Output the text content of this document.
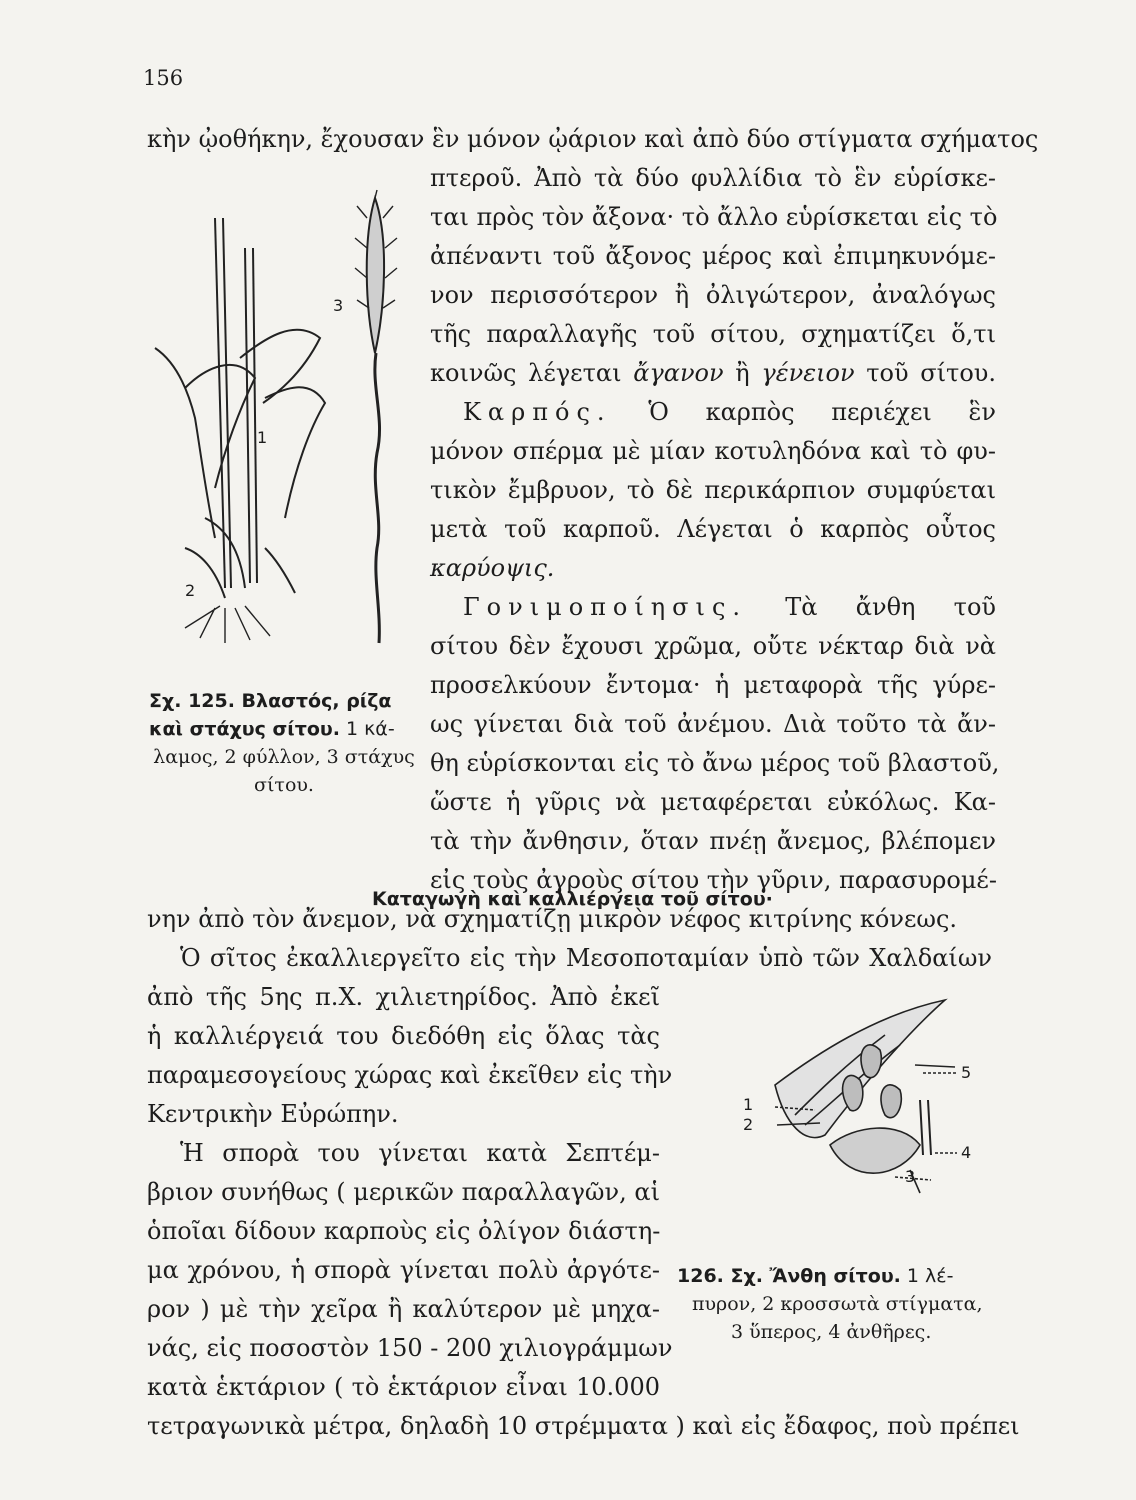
156
κὴν ᾠοθήκην, ἔχουσαν ἓν μόνον ᾠάριον καὶ ἀπὸ δύο στίγματα σχήματος
πτεροῦ. Ἀπὸ τὰ δύο φυλλίδια τὸ ἓν εὑρίσκε-
ται πρὸς τὸν ἄξονα· τὸ ἄλλο εὑρίσκεται εἰς τὸ
ἀπέναντι τοῦ ἄξονος μέρος καὶ ἐπιμηκυνόμε-
νον περισσότερον ἢ ὀλιγώτερον, ἀναλόγως
τῆς παραλλαγῆς τοῦ σίτου, σχηματίζει ὅ,τι
κοινῶς λέγεται ἄγανον ἢ γένειον τοῦ σίτου.
Καρπός. Ὁ καρπὸς περιέχει ἓν
μόνον σπέρμα μὲ μίαν κοτυληδόνα καὶ τὸ φυ-
τικὸν ἔμβρυον, τὸ δὲ περικάρπιον συμφύεται
μετὰ τοῦ καρποῦ. Λέγεται ὁ καρπὸς οὗτος
καρύοψις.
Γονιμοποίησις. Τὰ ἄνθη τοῦ
σίτου δὲν ἔχουσι χρῶμα, οὔτε νέκταρ διὰ νὰ
προσελκύουν ἔντομα· ἡ μεταφορὰ τῆς γύρε-
ως γίνεται διὰ τοῦ ἀνέμου. Διὰ τοῦτο τὰ ἄν-
θη εὑρίσκονται εἰς τὸ ἄνω μέρος τοῦ βλαστοῦ,
ὥστε ἡ γῦρις νὰ μεταφέρεται εὐκόλως. Κα-
τὰ τὴν ἄνθησιν, ὅταν πνέῃ ἄνεμος, βλέπομεν
εἰς τοὺς ἀγροὺς σίτου τὴν γῦριν, παρασυρομέ-
νην ἀπὸ τὸν ἄνεμον, νὰ σχηματίζῃ μικρὸν νέφος κιτρίνης κόνεως.
1
2
3
Σχ. 125. Βλαστός, ρίζα
καὶ στάχυς σίτου. 1 κά-
λαμος, 2 φύλλον, 3 στάχυς
σίτου.
Καταγωγὴ καὶ καλλιέργεια τοῦ σίτου·
Ὁ σῖτος ἐκαλλιεργεῖτο εἰς τὴν Μεσοποταμίαν ὑπὸ τῶν Χαλδαίων
ἀπὸ τῆς 5ης π.Χ. χιλιετηρίδος. Ἀπὸ ἐκεῖ
ἡ καλλιέργειά του διεδόθη εἰς ὅλας τὰς
παραμεσογείους χώρας καὶ ἐκεῖθεν εἰς τὴν
Κεντρικὴν Εὐρώπην.
Ἡ σπορὰ του γίνεται κατὰ Σεπτέμ-
βριον συνήθως ( μερικῶν παραλλαγῶν, αἱ
ὁποῖαι δίδουν καρποὺς εἰς ὀλίγον διάστη-
μα χρόνου, ἡ σπορὰ γίνεται πολὺ ἀργότε-
ρον ) μὲ τὴν χεῖρα ἢ καλύτερον μὲ μηχα-
νάς, εἰς ποσοστὸν 150 - 200 χιλιογράμμων
κατὰ ἑκτάριον ( τὸ ἑκτάριον εἶναι 10.000
τετραγωνικὰ μέτρα, δηλαδὴ 10 στρέμματα ) καὶ εἰς ἔδαφος, ποὺ πρέπει
1
2
3
4
5
126. Σχ. Ἄνθη σίτου. 1 λέ-
πυρον, 2 κροσσωτὰ στίγματα,
3 ὕπερος, 4 ἀνθῆρες.
